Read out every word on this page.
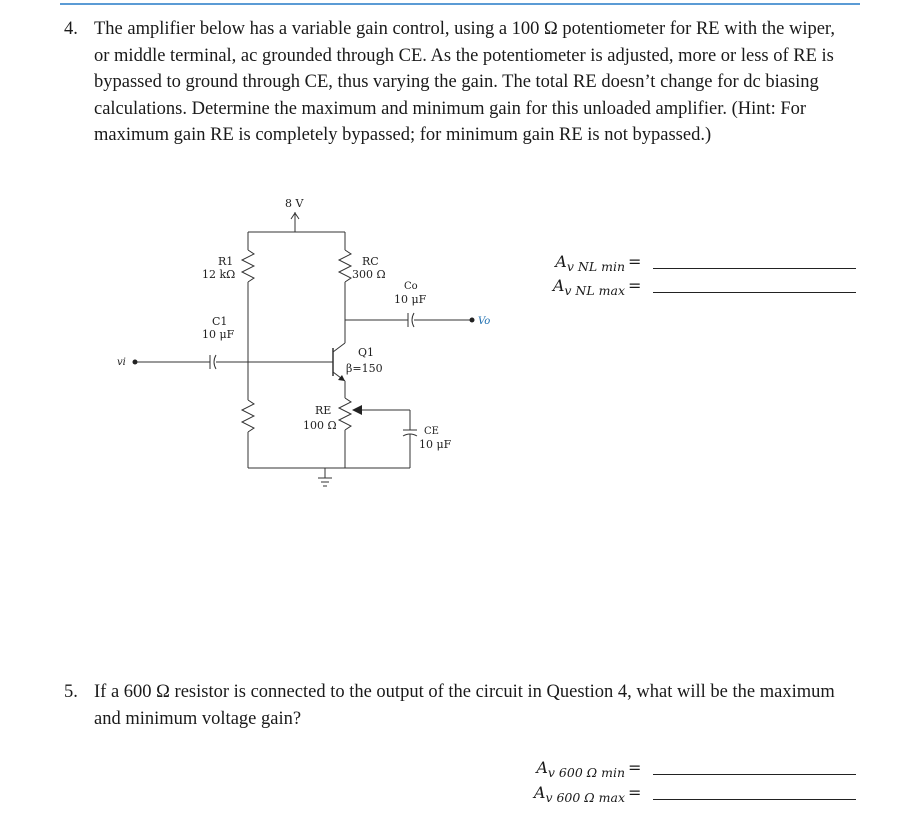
4. The amplifier below has a variable gain control, using a 100 Ω potentiometer for RE with the wiper, or middle terminal, ac grounded through CE. As the potentiometer is adjusted, more or less of RE is bypassed to ground through CE, thus varying the gain. The total RE doesn’t change for dc biasing calculations. Determine the maximum and minimum gain for this unloaded amplifier. (Hint: For maximum gain RE is completely bypassed; for minimum gain RE is not bypassed.)
$A_{v NL min}$ =
$A_{v NL max}$ =
8 V
R1
12 kΩ
vi
C1
10 μF
RC
300 Ω
Vo
Co
10 μF
Q1
β=150
RE
100 Ω	CE
10 μF
5. If a 600 Ω resistor is connected to the output of the circuit in Question 4, what will be the maximum and minimum voltage gain?
$A_{v 600 \Omega min}$ =
$A_{v 600 \Omega max}$ =
